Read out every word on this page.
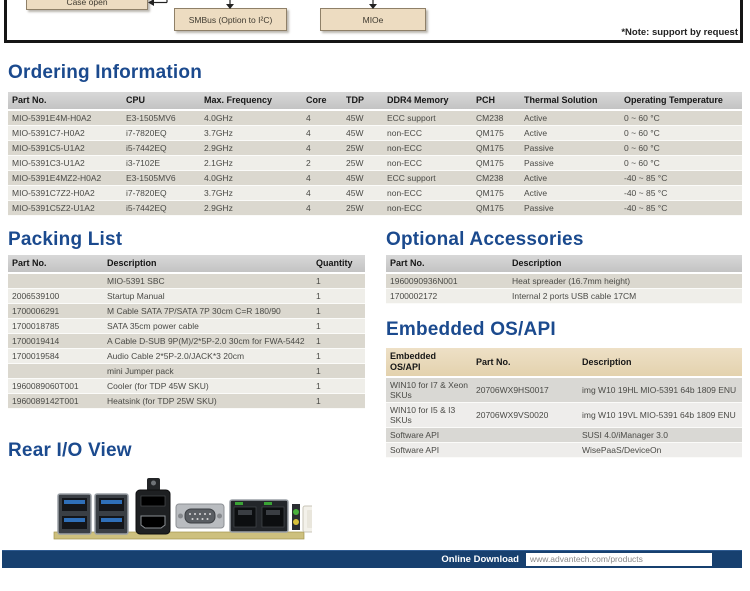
Case open
SMBus (Option to I²C)	MIOe
*Note: support by request
Ordering Information
Part No.	CPU	Max. Frequency	Core	TDP	DDR4 Memory	PCH	Thermal Solution	Operating Temperature
MIO-5391E4M-H0A2	E3-1505MV6	4.0GHz	4	45W	ECC support	CM238	Active	0 ~ 60 °C
MIO-5391C7-H0A2	i7-7820EQ	3.7GHz	4	45W	non-ECC	QM175	Active	0 ~ 60 °C
MIO-5391C5-U1A2	i5-7442EQ	2.9GHz	4	25W	non-ECC	QM175	Passive	0 ~ 60 °C
MIO-5391C3-U1A2	i3-7102E	2.1GHz	2	25W	non-ECC	QM175	Passive	0 ~ 60 °C
MIO-5391E4MZ2-H0A2	E3-1505MV6	4.0GHz	4	45W	ECC support	CM238	Active	-40 ~ 85 °C
MIO-5391C7Z2-H0A2	i7-7820EQ	3.7GHz	4	45W	non-ECC	QM175	Active	-40 ~ 85 °C
MIO-5391C5Z2-U1A2	i5-7442EQ	2.9GHz	4	25W	non-ECC	QM175	Passive	-40 ~ 85 °C
Packing List
Part No.	Description	Quantity
	MIO-5391 SBC	1
2006539100	Startup Manual	1
1700006291	M Cable SATA 7P/SATA 7P 30cm C=R 180/90	1
1700018785	SATA 35cm power cable	1
1700019414	A Cable D-SUB 9P(M)/2*5P-2.0 30cm for FWA-5442	1
1700019584	Audio Cable 2*5P-2.0/JACK*3 20cm	1
	mini Jumper pack	1
1960089060T001	Cooler (for TDP 45W SKU)	1
1960089142T001	Heatsink (for TDP 25W SKU)	1
Optional Accessories
Part No.	Description
1960090936N001	Heat spreader (16.7mm height)
1700002172	Internal 2 ports USB cable 17CM
Embedded OS/API
Embedded OS/API	Part No.	Description
WIN10 for I7 & Xeon SKUs	20706WX9HS0017	img W10 19HL MIO-5391 64b 1809 ENU
WIN10 for I5 & I3 SKUs	20706WX9VS0020	img W10 19VL MIO-5391 64b 1809 ENU
Software API		SUSI 4.0/iManager 3.0
Software API		WisePaaS/DeviceOn
Rear I/O View
Online Download	www.advantech.com/products
